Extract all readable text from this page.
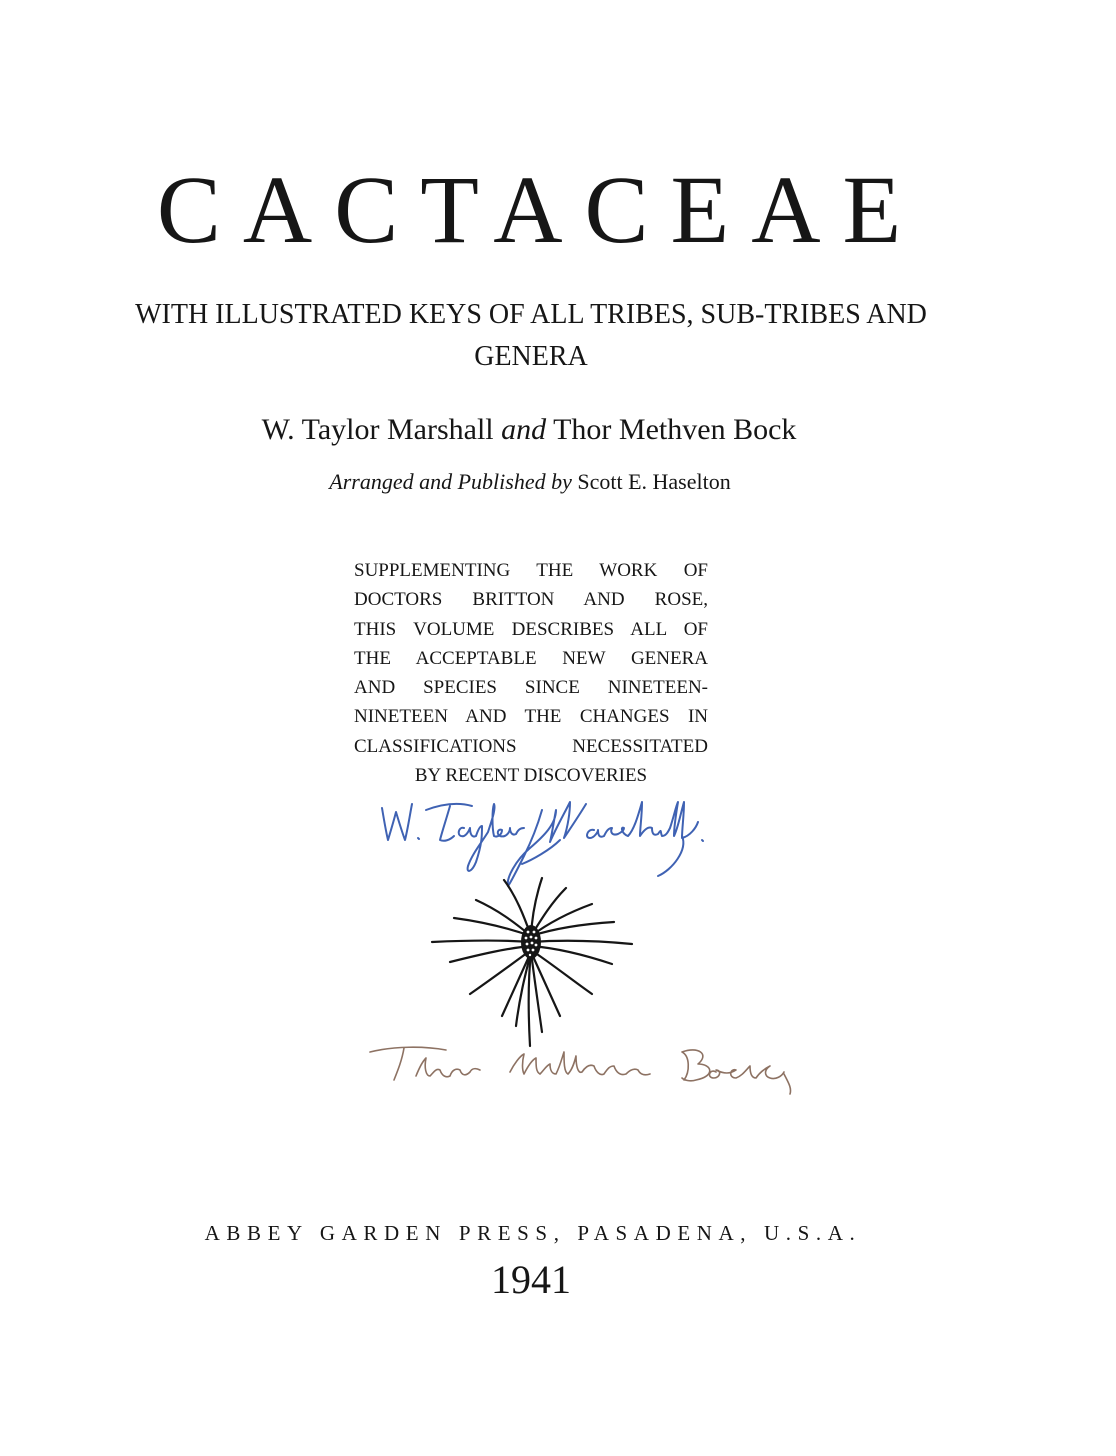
CACTACEAE

WITH ILLUSTRATED KEYS OF ALL TRIBES, SUB-TRIBES AND GENERA

W. Taylor Marshall and Thor Methven Bock

Arranged and Published by Scott E. Haselton

SUPPLEMENTING THE WORK OF
DOCTORS BRITTON AND ROSE,
THIS VOLUME DESCRIBES ALL OF
THE ACCEPTABLE NEW GENERA
AND SPECIES SINCE NINETEEN-
NINETEEN AND THE CHANGES IN
CLASSIFICATIONS NECESSITATED
BY RECENT DISCOVERIES

ABBEY GARDEN PRESS, PASADENA, U.S.A.

1941
